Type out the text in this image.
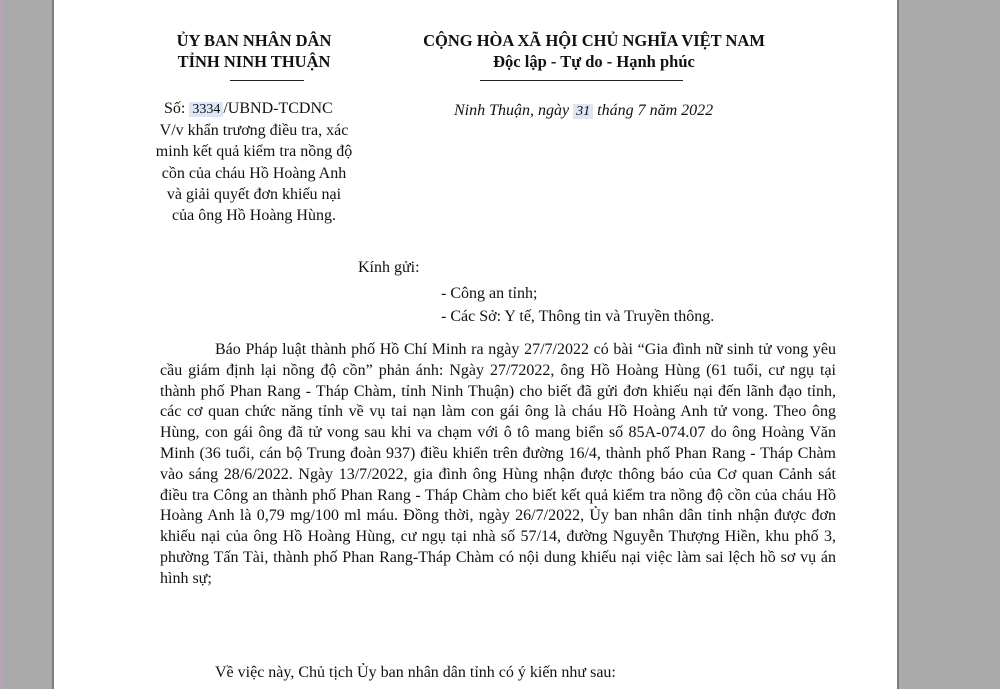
ỦY BAN NHÂN DÂN
TỈNH NINH THUẬN
CỘNG HÒA XÃ HỘI CHỦ NGHĨA VIỆT NAM
Độc lập - Tự do - Hạnh phúc
Số: 3334 /UBND-TCDNC
V/v khẩn trương điều tra, xác minh kết quả kiểm tra nồng độ cồn của cháu Hồ Hoàng Anh và giải quyết đơn khiếu nại của ông Hồ Hoàng Hùng.
Ninh Thuận, ngày 31 tháng 7 năm 2022
Kính gửi:
- Công an tỉnh;
- Các Sở: Y tế, Thông tin và Truyền thông.
Báo Pháp luật thành phố Hồ Chí Minh ra ngày 27/7/2022 có bài “Gia đình nữ sinh tử vong yêu cầu giám định lại nồng độ cồn” phản ánh: Ngày 27/72022, ông Hồ Hoàng Hùng (61 tuổi, cư ngụ tại thành phố Phan Rang - Tháp Chàm, tỉnh Ninh Thuận) cho biết đã gửi đơn khiếu nại đến lãnh đạo tỉnh, các cơ quan chức năng tỉnh về vụ tai nạn làm con gái ông là cháu Hồ Hoàng Anh tử vong. Theo ông Hùng, con gái ông đã tử vong sau khi va chạm với ô tô mang biển số 85A-074.07 do ông Hoàng Văn Minh (36 tuổi, cán bộ Trung đoàn 937) điều khiển trên đường 16/4, thành phố Phan Rang - Tháp Chàm vào sáng 28/6/2022. Ngày 13/7/2022, gia đình ông Hùng nhận được thông báo của Cơ quan Cảnh sát điều tra Công an thành phố Phan Rang - Tháp Chàm cho biết kết quả kiểm tra nồng độ cồn của cháu Hồ Hoàng Anh là 0,79 mg/100 ml máu. Đồng thời, ngày 26/7/2022, Ủy ban nhân dân tỉnh nhận được đơn khiếu nại của ông Hồ Hoàng Hùng, cư ngụ tại nhà số 57/14, đường Nguyễn Thượng Hiền, khu phố 3, phường Tấn Tài, thành phố Phan Rang-Tháp Chàm có nội dung khiếu nại việc làm sai lệch hồ sơ vụ án hình sự;
Về việc này, Chủ tịch Ủy ban nhân dân tỉnh có ý kiến như sau:
